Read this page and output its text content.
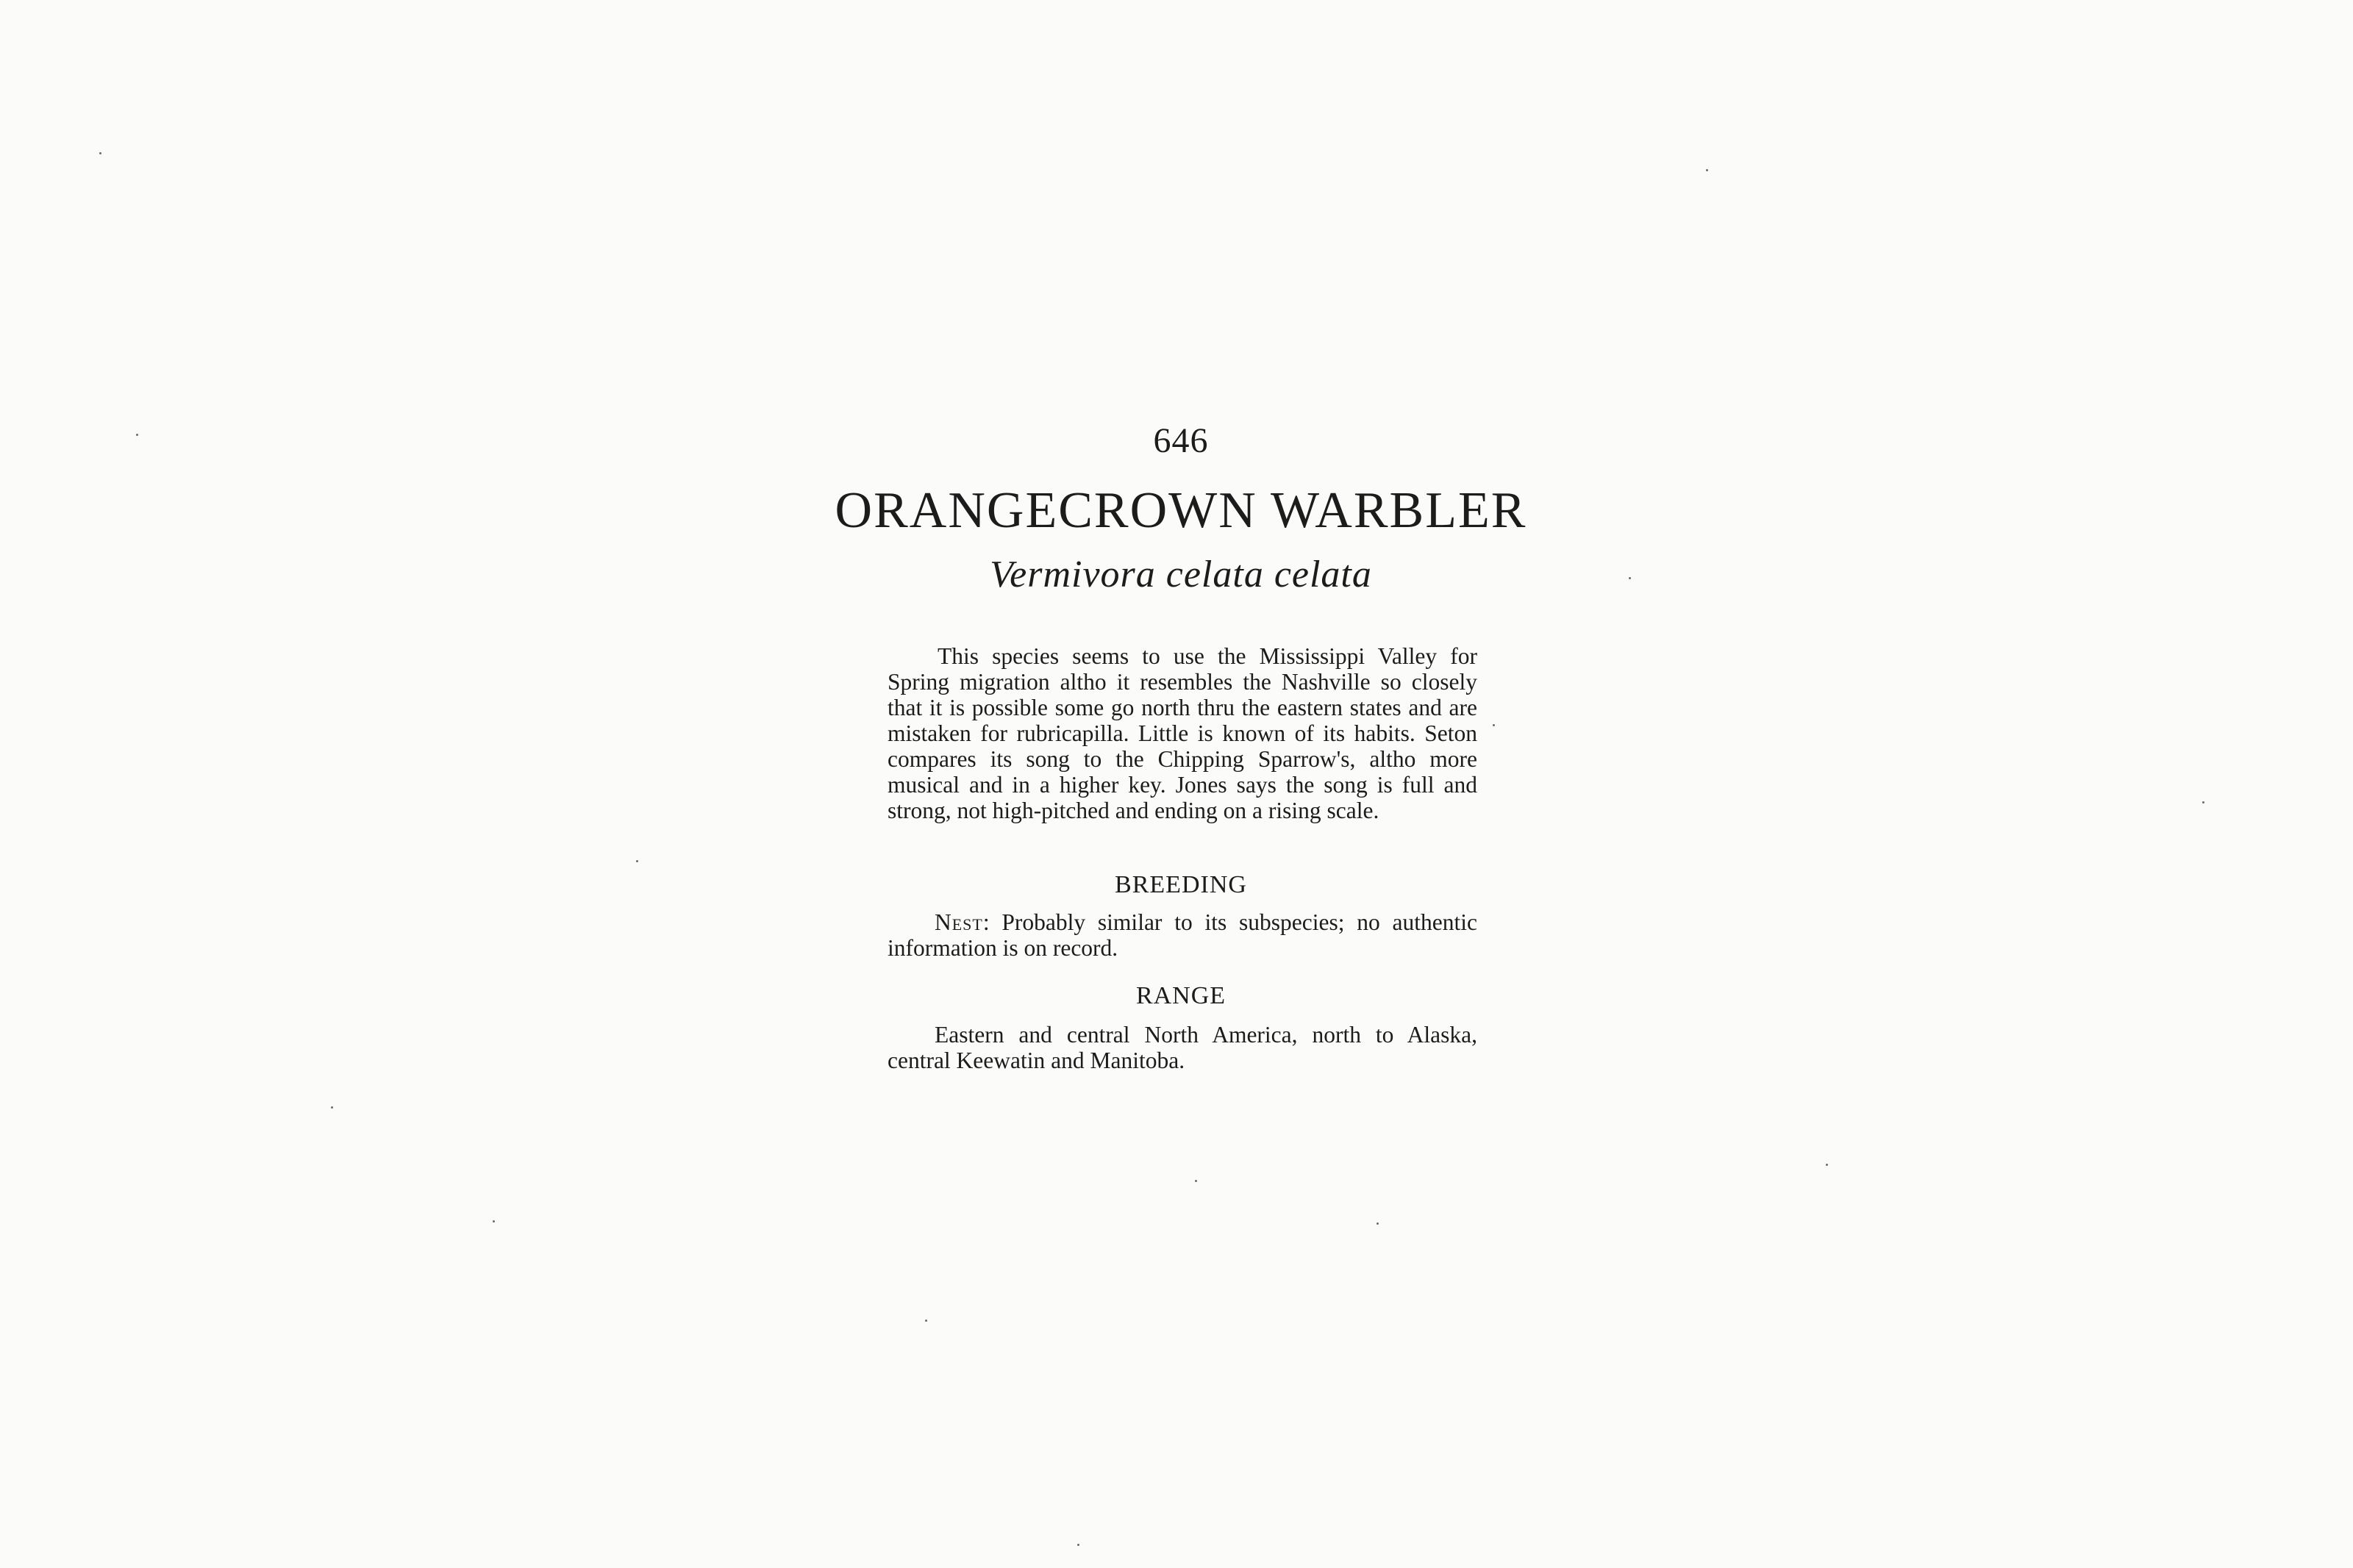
646
ORANGECROWN WARBLER
Vermivora celata celata
This species seems to use the Mississippi Valley for Spring migration altho it resembles the Nashville so closely that it is possible some go north thru the eastern states and are mistaken for rubricapilla. Little is known of its habits. Seton compares its song to the Chipping Sparrow's, altho more musical and in a higher key. Jones says the song is full and strong, not high-pitched and ending on a rising scale.
BREEDING
Nest: Probably similar to its subspecies; no authentic information is on record.
RANGE
Eastern and central North America, north to Alaska, central Keewatin and Manitoba.
